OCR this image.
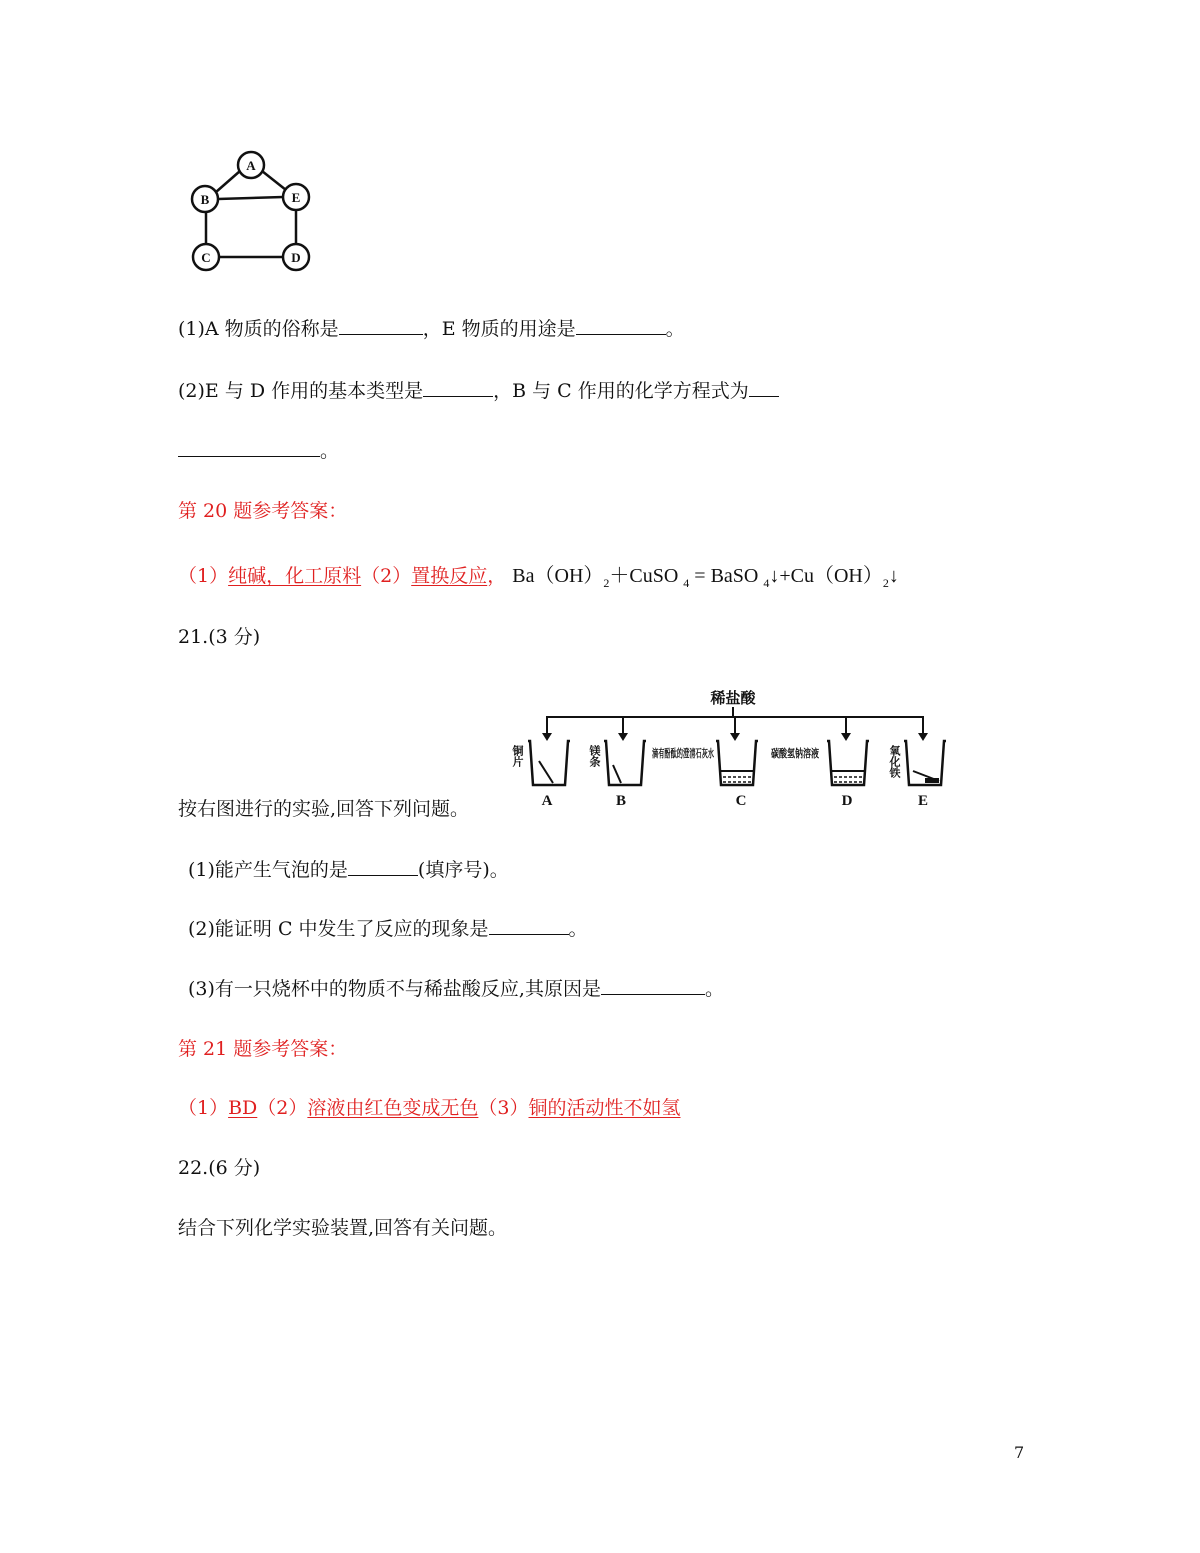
A
B	E
C	D
(1)A 物质的俗称是	，E 物质的用途是	。
(2)E 与 D 作用的基本类型是	，B 与 C 作用的化学方程式为
。
第 20 题参考答案：
（1）纯碱，化工原料（2）置换反应， $Ba(OH)_2+CuSO$ $_4$ = BaSO $_4↓+Cu(OH)_2↓$
21.(3 分)
稀盐酸
铜片	镁条	滴有酚酞的澄清石灰水 碳酸氢钠溶液	氧化铁
A	B	C	D	E
按右图进行的实验,回答下列问题。
(1)能产生气泡的是	(填序号)。
(2)能证明 C 中发生了反应的现象是	。
(3)有一只烧杯中的物质不与稀盐酸反应,其原因是	。
第 21 题参考答案：
（1）BD（2）溶液由红色变成无色（3）铜的活动性不如氢
22.(6 分)
结合下列化学实验装置,回答有关问题。
7
